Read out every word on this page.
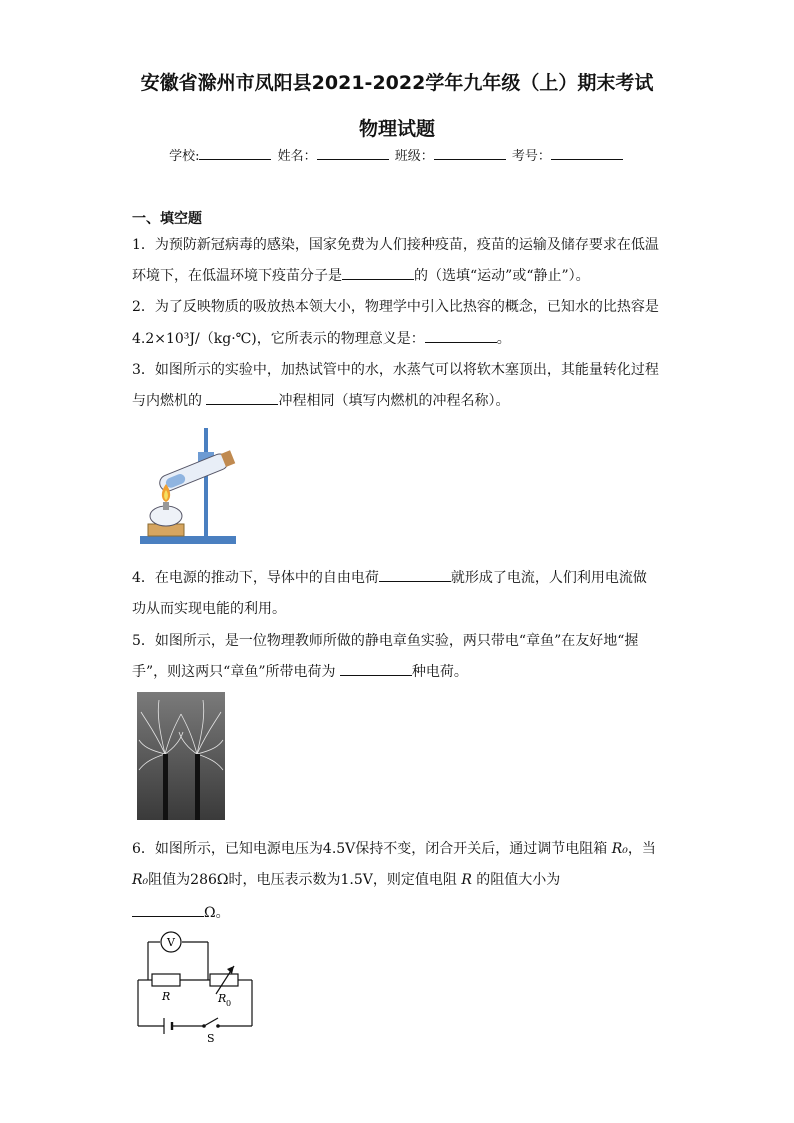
安徽省滁州市凤阳县2021-2022学年九年级（上）期末考试
物理试题
学校:	姓名：	班级：	考号：
一、填空题
1．为预防新冠病毒的感染，国家免费为人们接种疫苗，疫苗的运输及储存要求在低温
环境下，在低温环境下疫苗分子是	的（选填“运动”或“静止”）。
2．为了反映物质的吸放热本领大小，物理学中引入比热容的概念，已知水的比热容是
4.2×10³J/（kg·℃)，它所表示的物理意义是：	。
3．如图所示的实验中，加热试管中的水，水蒸气可以将软木塞顶出，其能量转化过程
与内燃机的	冲程相同（填写内燃机的冲程名称）。
4．在电源的推动下，导体中的自由电荷	就形成了电流，人们利用电流做
功从而实现电能的利用。
5．如图所示，是一位物理教师所做的静电章鱼实验，两只带电“章鱼”在友好地“握
手”，则这两只“章鱼”所带电荷为	种电荷。
6．如图所示，已知电源电压为4.5V保持不变，闭合开关后，通过调节电阻箱 R₀，当
R₀阻值为286Ω时，电压表示数为1.5V，则定值电阻 R 的阻值大小为
Ω。
V
R	R 0
S
